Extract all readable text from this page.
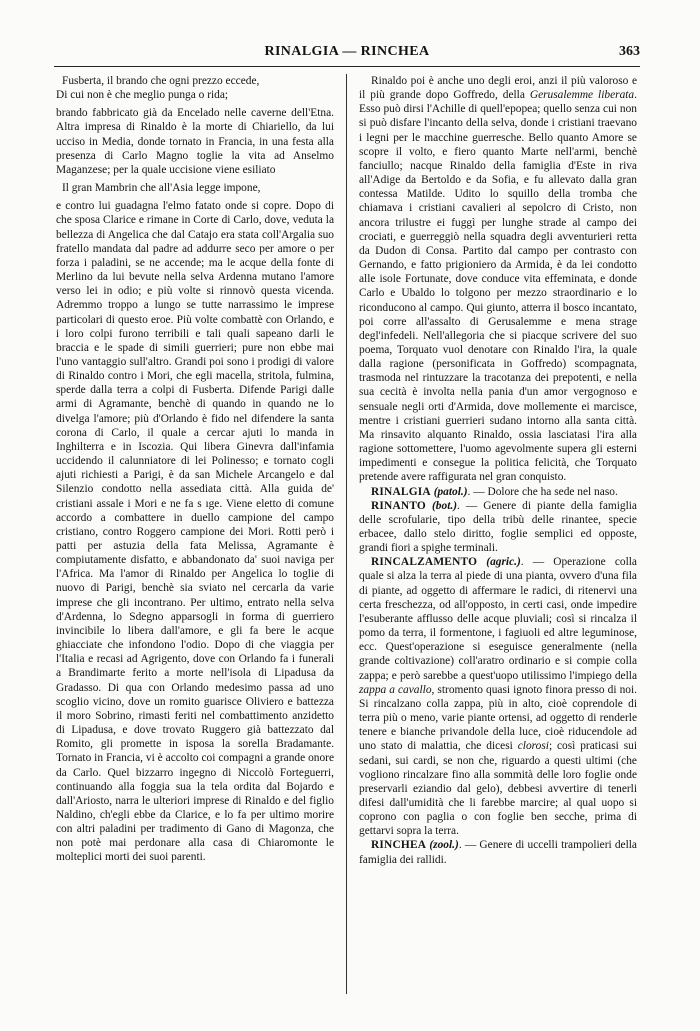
RINALGIA — RINCHEA	363
Fusberta, il brando che ogni prezzo eccede,
Di cui non è che meglio punga o rida;

brando fabbricato già da Encelado nelle caverne dell'Etna. Altra impresa di Rinaldo è la morte di Chiariello, da lui ucciso in Media, donde tornato in Francia, in una festa alla presenza di Carlo Magno toglie la vita ad Anselmo Maganzese; per la quale uccisione viene esiliato

Il gran Mambrin che all'Asia legge impone,

e contro lui guadagna l'elmo fatato onde si copre. Dopo di che sposa Clarice e rimane in Corte di Carlo, dove, veduta la bellezza di Angelica che dal Catajo era stata coll'Argalia suo fratello mandata dal padre ad addurre seco per amore o per forza i paladini, se ne accende; ma le acque della fonte di Merlino da lui bevute nella selva Ardenna mutano l'amore verso lei in odio; e più volte si rinnovò questa vicenda. Adremmo troppo a lungo se tutte narrassimo le imprese particolari di questo eroe. Più volte combattè con Orlando, e i loro colpi furono terribili e tali quali sapeano darli le braccia e le spade di simili guerrieri; pure non ebbe mai l'uno vantaggio sull'altro. Grandi poi sono i prodigi di valore di Rinaldo contro i Mori, che egli macella, stritola, fulmina, sperde dalla terra a colpi di Fusberta. Difende Parigi dalle armi di Agramante, benchè di quando in quando ne lo divelga l'amore; più d'Orlando è fido nel difendere la santa corona di Carlo, il quale a cercar ajuti lo manda in Inghilterra e in Iscozia. Qui libera Ginevra dall'infamia uccidendo il calunniatore di lei Polinesso; e tornato cogli ajuti richiesti a Parigi, è da san Michele Arcangelo e dal Silenzio condotto nella assediata città. Alla guida de' cristiani assale i Mori e ne fa s ıge. Viene eletto di comune accordo a combattere in duello campione del campo cristiano, contro Roggero campione dei Mori. Rotti però i patti per astuzia della fata Melissa, Agramante è compiutamente disfatto, e abbandonato da' suoi naviga per l'Africa. Ma l'amor di Rinaldo per Angelica lo toglie di nuovo di Parigi, benchè sia sviato nel cercarla da varie imprese che gli incontrano. Per ultimo, entrato nella selva d'Ardenna, lo Sdegno apparsogli in forma di guerriero invincibile lo libera dall'amore, e gli fa bere le acque ghiacciate che infondono l'odio. Dopo di che viaggia per l'Italia e recasi ad Agrigento, dove con Orlando fa i funerali a Brandimarte ferito a morte nell'isola di Lipadusa da Gradasso. Di qua con Orlando medesimo passa ad uno scoglio vicino, dove un romito guarisce Oliviero e battezza il moro Sobrino, rimasti feriti nel combattimento anzidetto di Lipadusa, e dove trovato Ruggero già battezzato dal Romito, gli promette in isposa la sorella Bradamante. Tornato in Francia, vi è accolto coi compagni a grande onore da Carlo. Quel bizzarro ingegno di Niccolò Forteguerri, continuando alla foggia sua la tela ordita dal Bojardo e dall'Ariosto, narra le ulteriori imprese di Rinaldo e del figlio Naldino, ch'egli ebbe da Clarice, e lo fa per ultimo morire con altri paladini per tradimento di Gano di Magonza, che non potè mai perdonare alla casa di Chiaromonte le molteplici morti dei suoi parenti.

Rinaldo poi è anche uno degli eroi, anzi il più valoroso e il più grande dopo Goffredo, della Gerusalemme liberata. Esso può dirsi l'Achille di quell'epopea; quello senza cui non si può disfare l'incanto della selva, donde i cristiani traevano i legni per le macchine guerresche. Bello quanto Amore se scopre il volto, e fiero quanto Marte nell'armi, benchè fanciullo; nacque Rinaldo della famiglia d'Este in riva all'Adige da Bertoldo e da Sofia, e fu allevato dalla gran contessa Matilde. Udito lo squillo della tromba che chiamava i cristiani cavalieri al sepolcro di Cristo, non ancora trilustre ei fuggì per lunghe strade al campo dei crociati, e guerreggiò nella squadra degli avventurieri retta da Dudon di Consa. Partito dal campo per contrasto con Gernando, e fatto prigioniero da Armida, è da lei condotto alle isole Fortunate, dove conduce vita effeminata, e donde Carlo e Ubaldo lo tolgono per mezzo straordinario e lo riconducono al campo. Qui giunto, atterra il bosco incantato, poi corre all'assalto di Gerusalemme e mena strage degl'infedeli. Nell'allegoria che si piacque scrivere del suo poema, Torquato vuol denotare con Rinaldo l'ira, la quale dalla ragione (personificata in Goffredo) scompagnata, trasmoda nel rintuzzare la tracotanza dei prepotenti, e nella sua cecità è involta nella pania d'un amor vergognoso e sensuale negli orti d'Armida, dove mollemente ei marcisce, mentre i cristiani guerrieri sudano intorno alla santa città. Ma rinsavito alquanto Rinaldo, ossia lasciatasi l'ira alla ragione sottomettere, l'uomo agevolmente supera gli esterni impedimenti e consegue la politica felicità, che Torquato pretende avere raffigurata nel gran conquisto.

RINALGIA (patol.). — Dolore che ha sede nel naso.

RINANTO (bot.). — Genere di piante della famiglia delle scrofularie, tipo della tribù delle rinantee, specie erbacee, dallo stelo diritto, foglie semplici ed opposte, grandi fiori a spighe terminali.

RINCALZAMENTO (agric.). — Operazione colla quale si alza la terra al piede di una pianta, ovvero d'una fila di piante, ad oggetto di affermare le radici, di ritenervi una certa freschezza, od all'opposto, in certi casi, onde impedire l'esuberante afflusso delle acque pluviali; così si rincalza il pomo da terra, il formentone, i fagiuoli ed altre leguminose, ecc. Quest'operazione si eseguisce generalmente (nella grande coltivazione) coll'aratro ordinario e si compie colla zappa; e però sarebbe a quest'uopo utilissimo l'impiego della zappa a cavallo, stromento quasi ignoto finora presso di noi. Si rincalzano colla zappa, più in alto, cioè coprendole di terra più o meno, varie piante ortensi, ad oggetto di renderle tenere e bianche privandole della luce, cioè riducendole ad uno stato di malattia, che dicesi clorosi; così praticasi sui sedani, sui cardi, se non che, riguardo a questi ultimi (che vogliono rincalzare fino alla sommità delle loro foglie onde preservarli eziandio dal gelo), debbesi avvertire di tenerli difesi dall'umidità che li farebbe marcire; al qual uopo si coprono con paglia o con foglie ben secche, prima di gettarvi sopra la terra.

RINCHEA (zool.). — Genere di uccelli trampolieri della famiglia dei rallidi.
